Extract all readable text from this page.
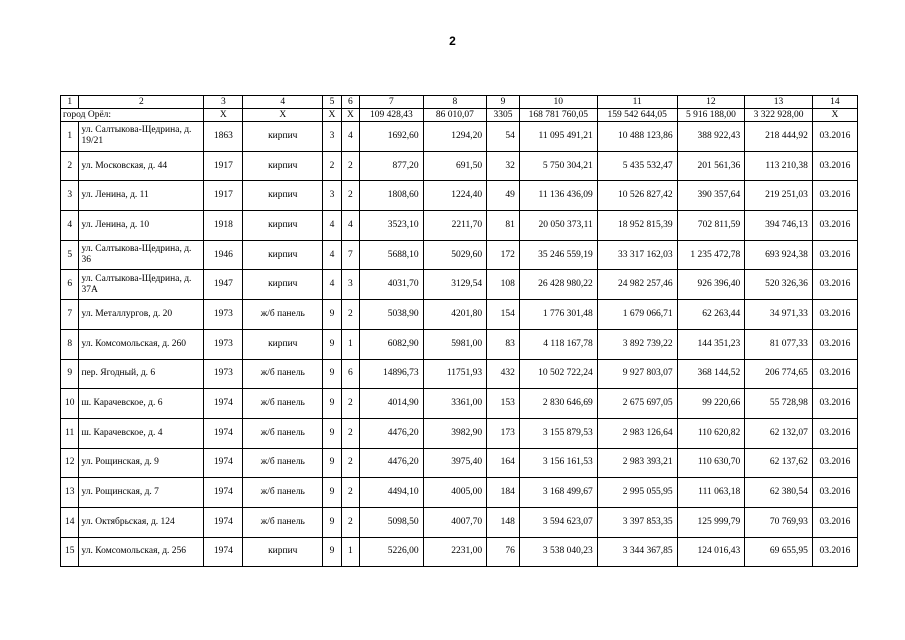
2
1	2	3	4	5	6	7	8	9	10	11	12	13	14
город Орёл:		X	X	X	X	109 428,43	86 010,07	3305	168 781 760,05	159 542 644,05	5 916 188,00	3 322 928,00	X
1	ул. Салтыкова-Щедрина, д. 19/21	1863	кирпич	3	4	1692,60	1294,20	54	11 095 491,21	10 488 123,86	388 922,43	218 444,92	03.2016
2	ул. Московская, д. 44	1917	кирпич	2	2	877,20	691,50	32	5 750 304,21	5 435 532,47	201 561,36	113 210,38	03.2016
3	ул. Ленина, д. 11	1917	кирпич	3	2	1808,60	1224,40	49	11 136 436,09	10 526 827,42	390 357,64	219 251,03	03.2016
4	ул. Ленина, д. 10	1918	кирпич	4	4	3523,10	2211,70	81	20 050 373,11	18 952 815,39	702 811,59	394 746,13	03.2016
5	ул. Салтыкова-Щедрина, д. 36	1946	кирпич	4	7	5688,10	5029,60	172	35 246 559,19	33 317 162,03	1 235 472,78	693 924,38	03.2016
6	ул. Салтыкова-Щедрина, д. 37А	1947	кирпич	4	3	4031,70	3129,54	108	26 428 980,22	24 982 257,46	926 396,40	520 326,36	03.2016
7	ул. Металлургов, д. 20	1973	ж/б панель	9	2	5038,90	4201,80	154	1 776 301,48	1 679 066,71	62 263,44	34 971,33	03.2016
8	ул. Комсомольская, д. 260	1973	кирпич	9	1	6082,90	5981,00	83	4 118 167,78	3 892 739,22	144 351,23	81 077,33	03.2016
9	пер. Ягодный, д. 6	1973	ж/б панель	9	6	14896,73	11751,93	432	10 502 722,24	9 927 803,07	368 144,52	206 774,65	03.2016
10	ш. Карачевское, д. 6	1974	ж/б панель	9	2	4014,90	3361,00	153	2 830 646,69	2 675 697,05	99 220,66	55 728,98	03.2016
11	ш. Карачевское, д. 4	1974	ж/б панель	9	2	4476,20	3982,90	173	3 155 879,53	2 983 126,64	110 620,82	62 132,07	03.2016
12	ул. Рощинская, д. 9	1974	ж/б панель	9	2	4476,20	3975,40	164	3 156 161,53	2 983 393,21	110 630,70	62 137,62	03.2016
13	ул. Рощинская, д. 7	1974	ж/б панель	9	2	4494,10	4005,00	184	3 168 499,67	2 995 055,95	111 063,18	62 380,54	03.2016
14	ул. Октябрьская, д. 124	1974	ж/б панель	9	2	5098,50	4007,70	148	3 594 623,07	3 397 853,35	125 999,79	70 769,93	03.2016
15	ул. Комсомольская, д. 256	1974	кирпич	9	1	5226,00	2231,00	76	3 538 040,23	3 344 367,85	124 016,43	69 655,95	03.2016
